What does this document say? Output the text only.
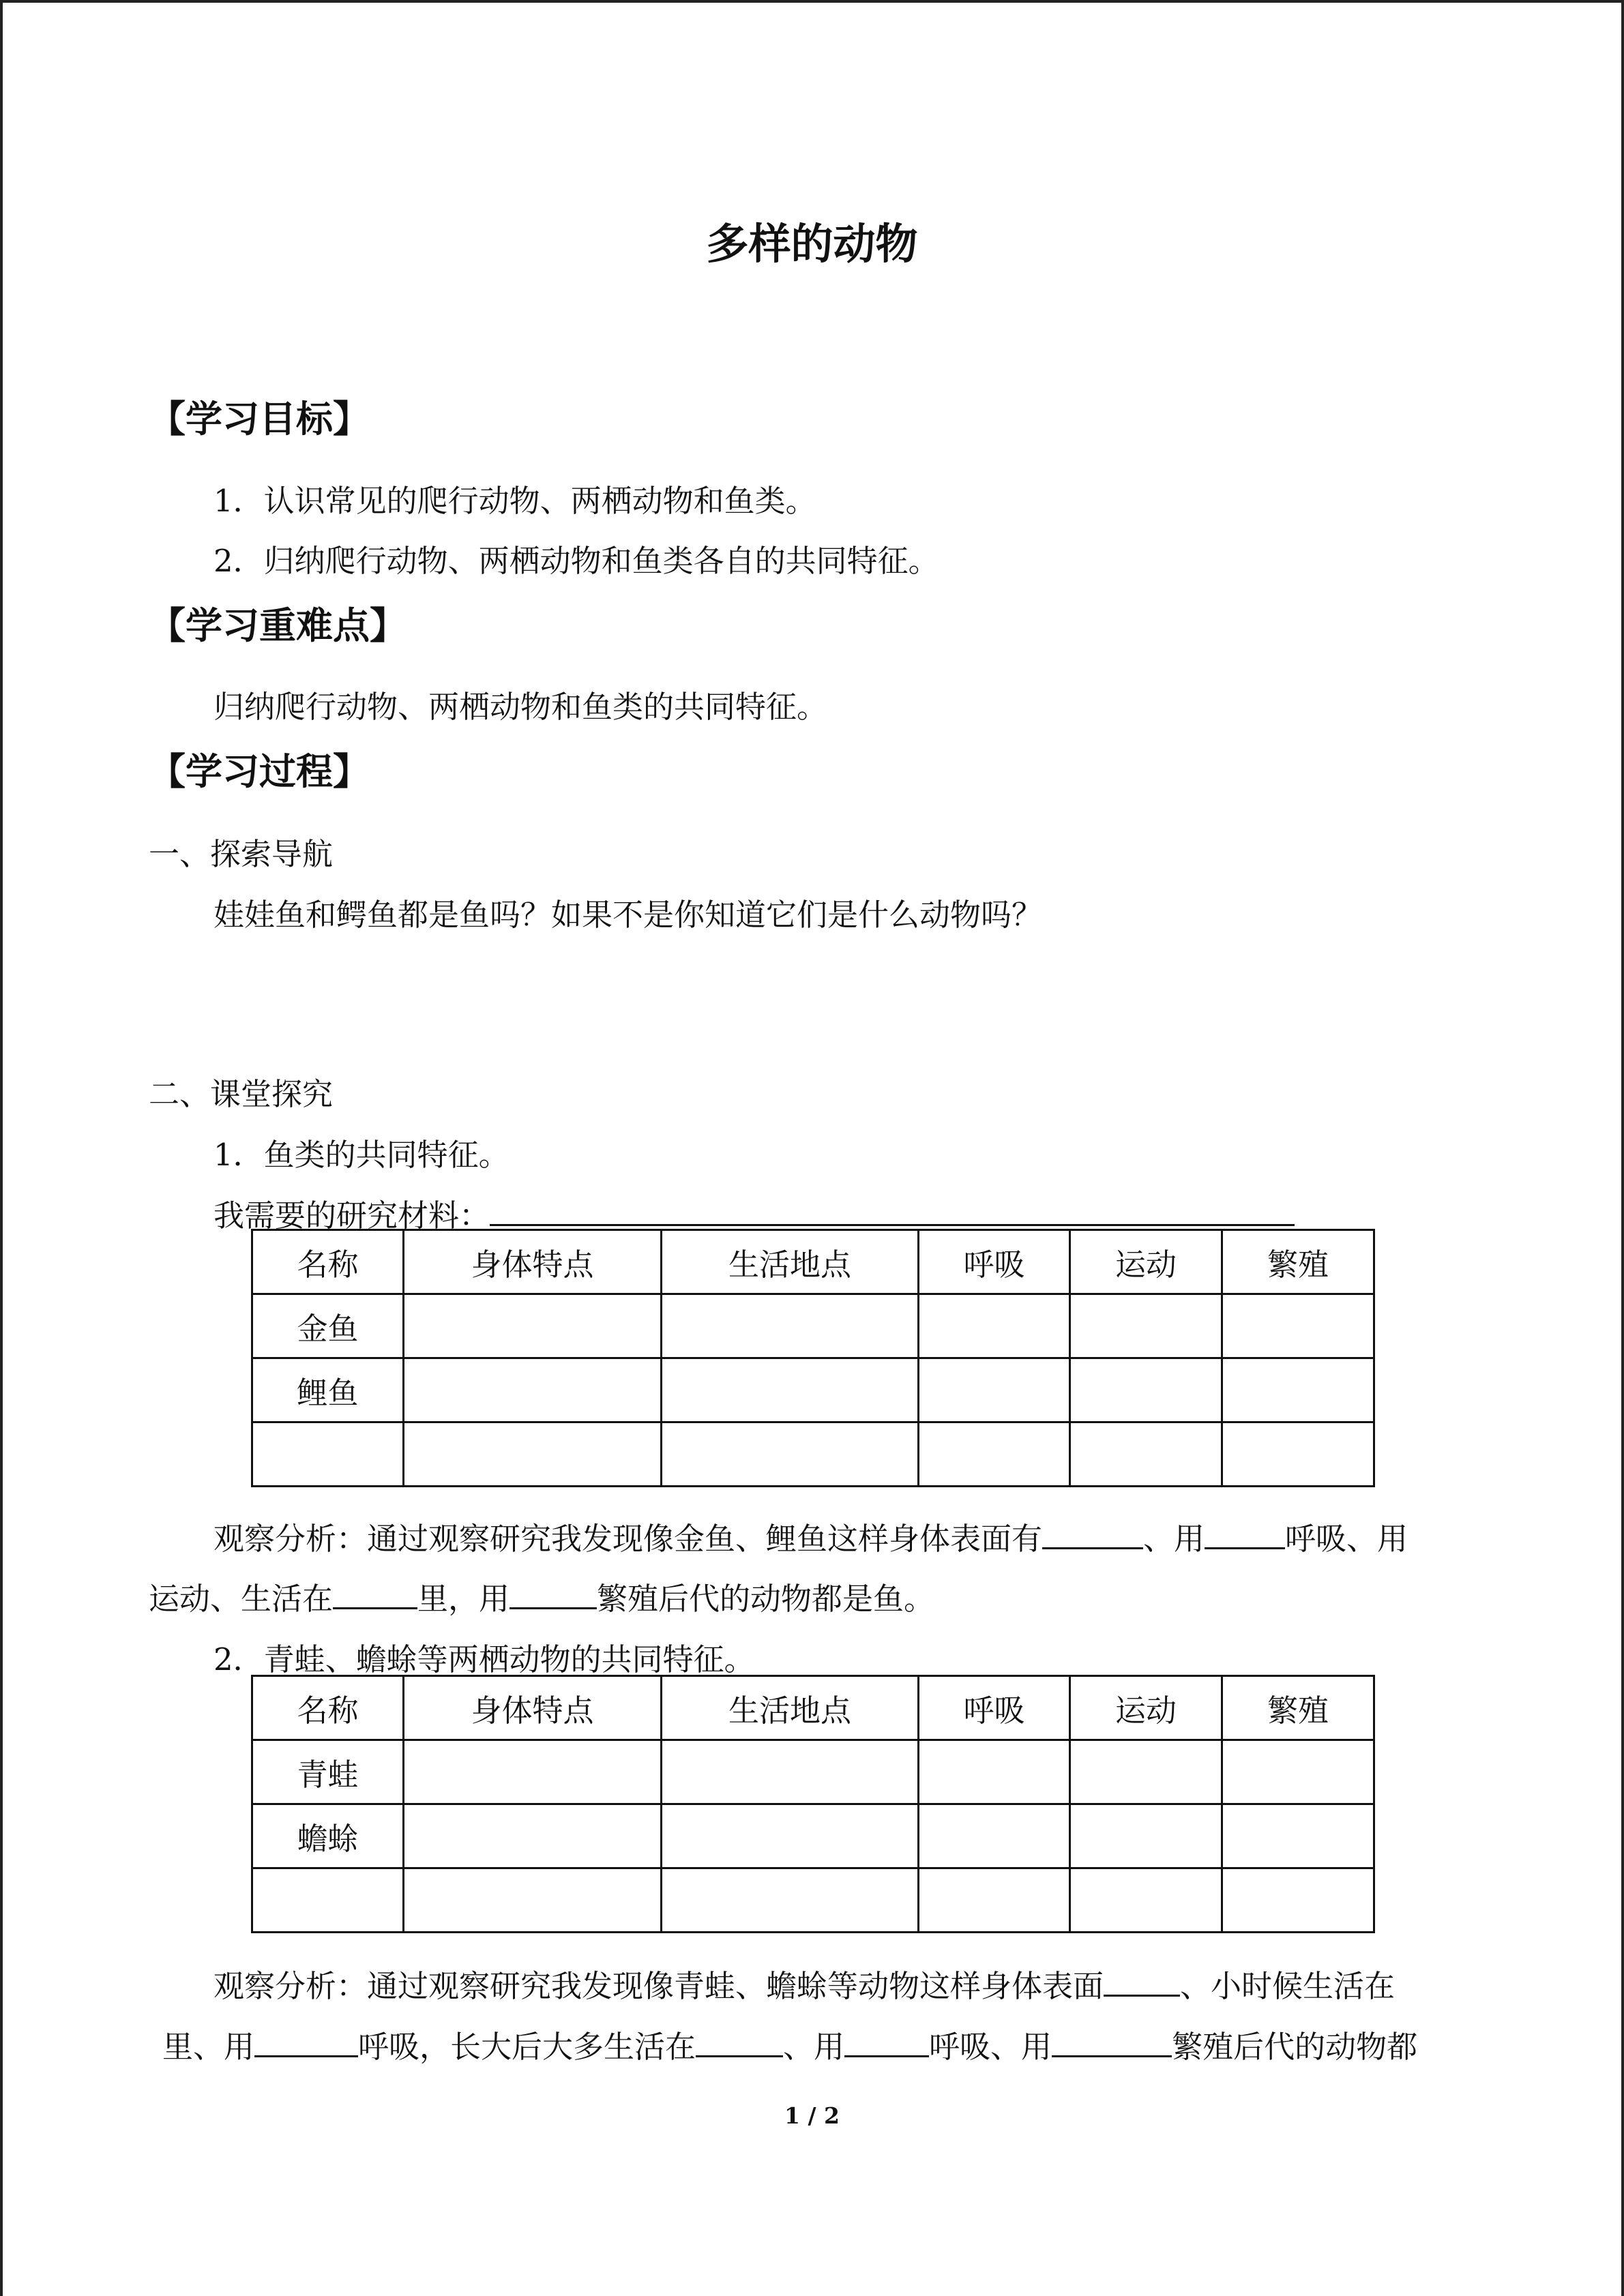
多样的动物
【学习目标】
1．认识常见的爬行动物、两栖动物和鱼类。
2．归纳爬行动物、两栖动物和鱼类各自的共同特征。
【学习重难点】
归纳爬行动物、两栖动物和鱼类的共同特征。
【学习过程】
一、探索导航
娃娃鱼和鳄鱼都是鱼吗？如果不是你知道它们是什么动物吗？
二、课堂探究
1．鱼类的共同特征。
我需要的研究材料：
名称	身体特点	生活地点	呼吸	运动	繁殖
金鱼					
鲤鱼					

观察分析：通过观察研究我发现像金鱼、鲤鱼这样身体表面有	、用	呼吸、用
运动、生活在	里，用	繁殖后代的动物都是鱼。
2．青蛙、蟾蜍等两栖动物的共同特征。
名称	身体特点	生活地点	呼吸	运动	繁殖
青蛙					
蟾蜍					

观察分析：通过观察研究我发现像青蛙、蟾蜍等动物这样身体表面 、小时候生活在
里、用	呼吸，长大后大多生活在	、用	呼吸、用	繁殖后代的动物都
1 / 2
